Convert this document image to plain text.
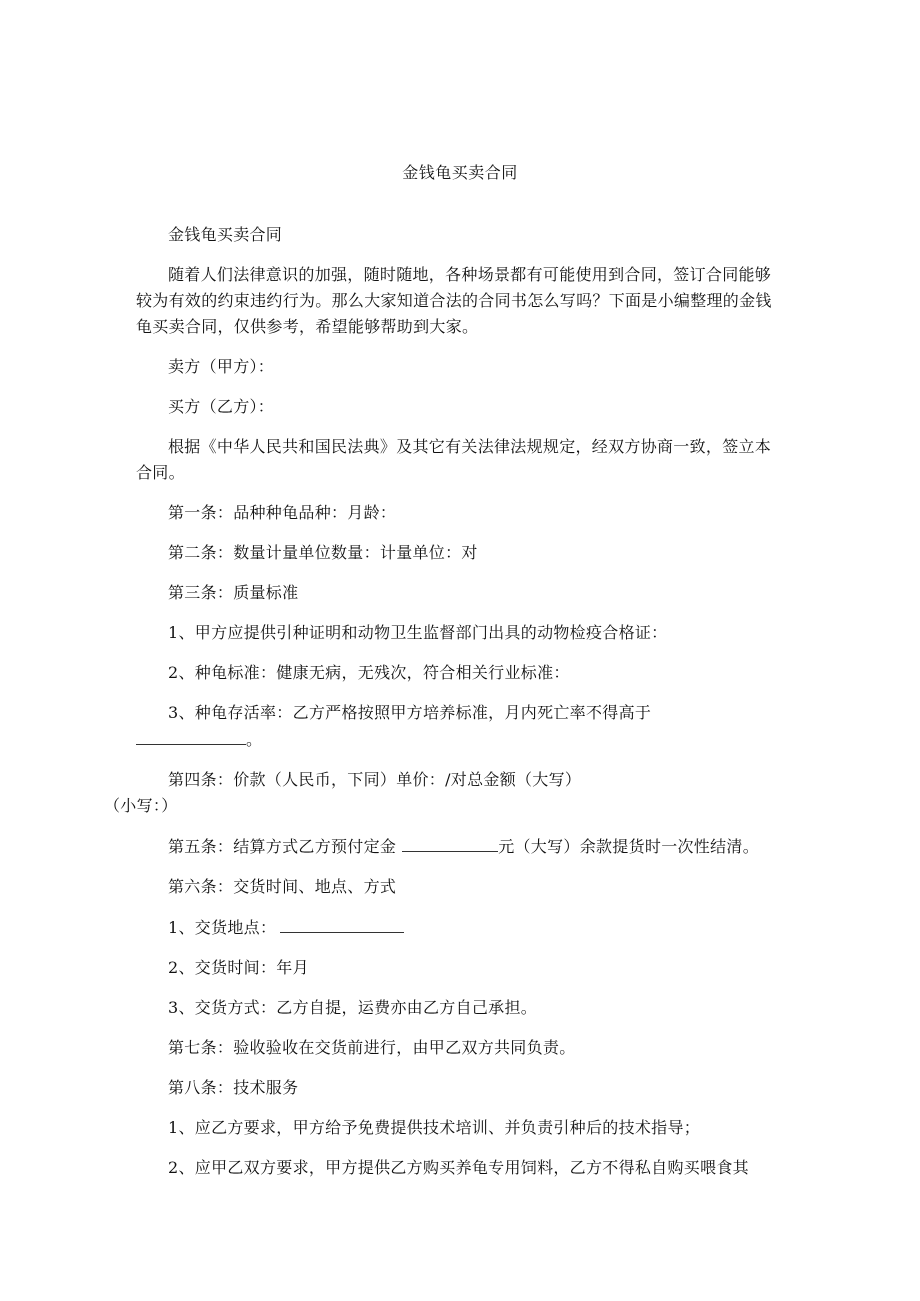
金钱龟买卖合同

金钱龟买卖合同

随着人们法律意识的加强，随时随地，各种场景都有可能使用到合同，签订合同能够较为有效的约束违约行为。那么大家知道合法的合同书怎么写吗？下面是小编整理的金钱龟买卖合同，仅供参考，希望能够帮助到大家。

卖方（甲方）：

买方（乙方）：

根据《中华人民共和国民法典》及其它有关法律法规规定，经双方协商一致，签立本合同。

第一条：品种种龟品种：月龄：

第二条：数量计量单位数量：计量单位：对

第三条：质量标准

1、甲方应提供引种证明和动物卫生监督部门出具的动物检疫合格证：

2、种龟标准：健康无病，无残次，符合相关行业标准：

3、种龟存活率：乙方严格按照甲方培养标准，月内死亡率不得高于
。

第四条：价款（人民币，下同）单价：/对总金额（大写）
（小写：）

第五条：结算方式乙方预付定金	元（大写）余款提货时一次性结清。

第六条：交货时间、地点、方式

1、交货地点：

2、交货时间：年月

3、交货方式：乙方自提，运费亦由乙方自己承担。

第七条：验收验收在交货前进行，由甲乙双方共同负责。

第八条：技术服务

1、应乙方要求，甲方给予免费提供技术培训、并负责引种后的技术指导；

2、应甲乙双方要求，甲方提供乙方购买养龟专用饲料，乙方不得私自购买喂食其
